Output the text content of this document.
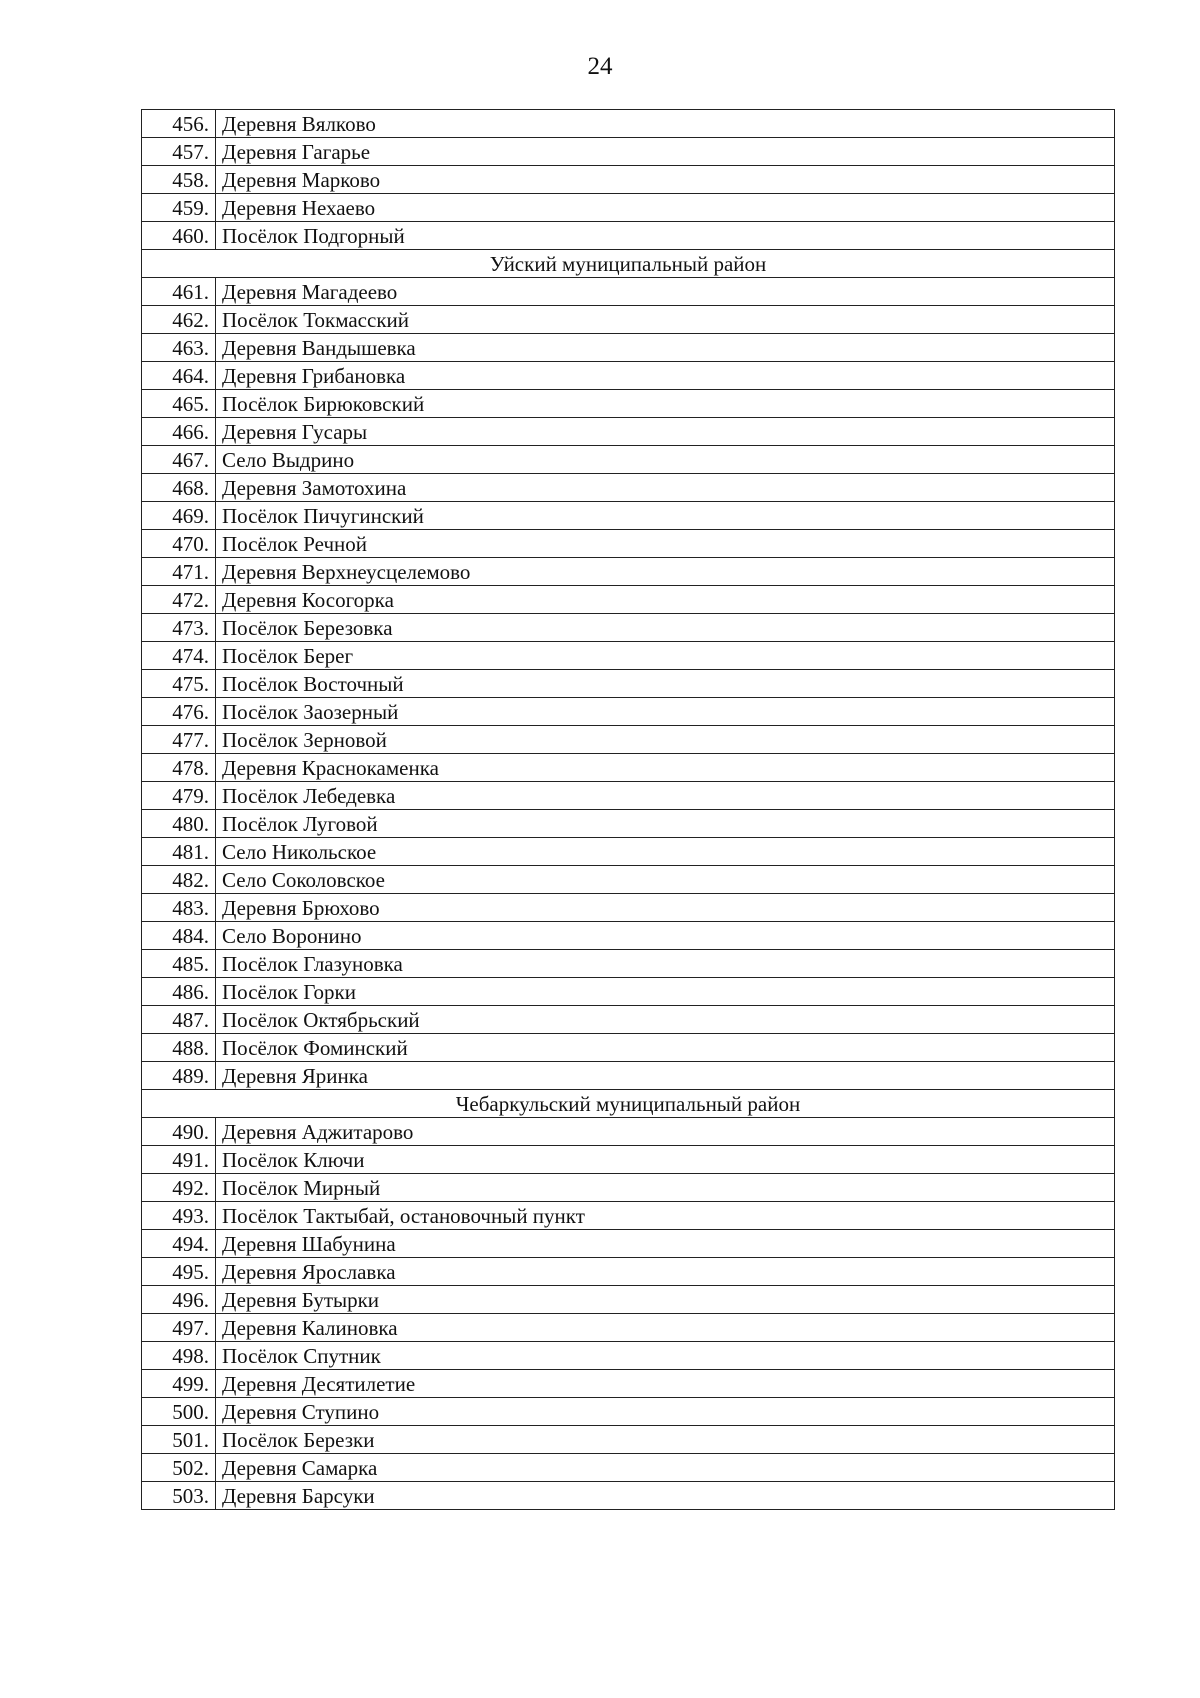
24
456.	Деревня Вялково
457.	Деревня Гагарье
458.	Деревня Марково
459.	Деревня Нехаево
460.	Посёлок Подгорный
Уйский муниципальный район	
461.	Деревня Магадеево
462.	Посёлок Токмасский
463.	Деревня Вандышевка
464.	Деревня Грибановка
465.	Посёлок Бирюковский
466.	Деревня Гусары
467.	Село Выдрино
468.	Деревня Замотохина
469.	Посёлок Пичугинский
470.	Посёлок Речной
471.	Деревня Верхнеусцелемово
472.	Деревня Косогорка
473.	Посёлок Березовка
474.	Посёлок Берег
475.	Посёлок Восточный
476.	Посёлок Заозерный
477.	Посёлок Зерновой
478.	Деревня Краснокаменка
479.	Посёлок Лебедевка
480.	Посёлок Луговой
481.	Село Никольское
482.	Село Соколовское
483.	Деревня Брюхово
484.	Село Воронино
485.	Посёлок Глазуновка
486.	Посёлок Горки
487.	Посёлок Октябрьский
488.	Посёлок Фоминский
489.	Деревня Яринка
Чебаркульский муниципальный район	
490.	Деревня Аджитарово
491.	Посёлок Ключи
492.	Посёлок Мирный
493.	Посёлок Тактыбай, остановочный пункт
494.	Деревня Шабунина
495.	Деревня Ярославка
496.	Деревня Бутырки
497.	Деревня Калиновка
498.	Посёлок Спутник
499.	Деревня Десятилетие
500.	Деревня Ступино
501.	Посёлок Березки
502.	Деревня Самарка
503.	Деревня Барсуки
